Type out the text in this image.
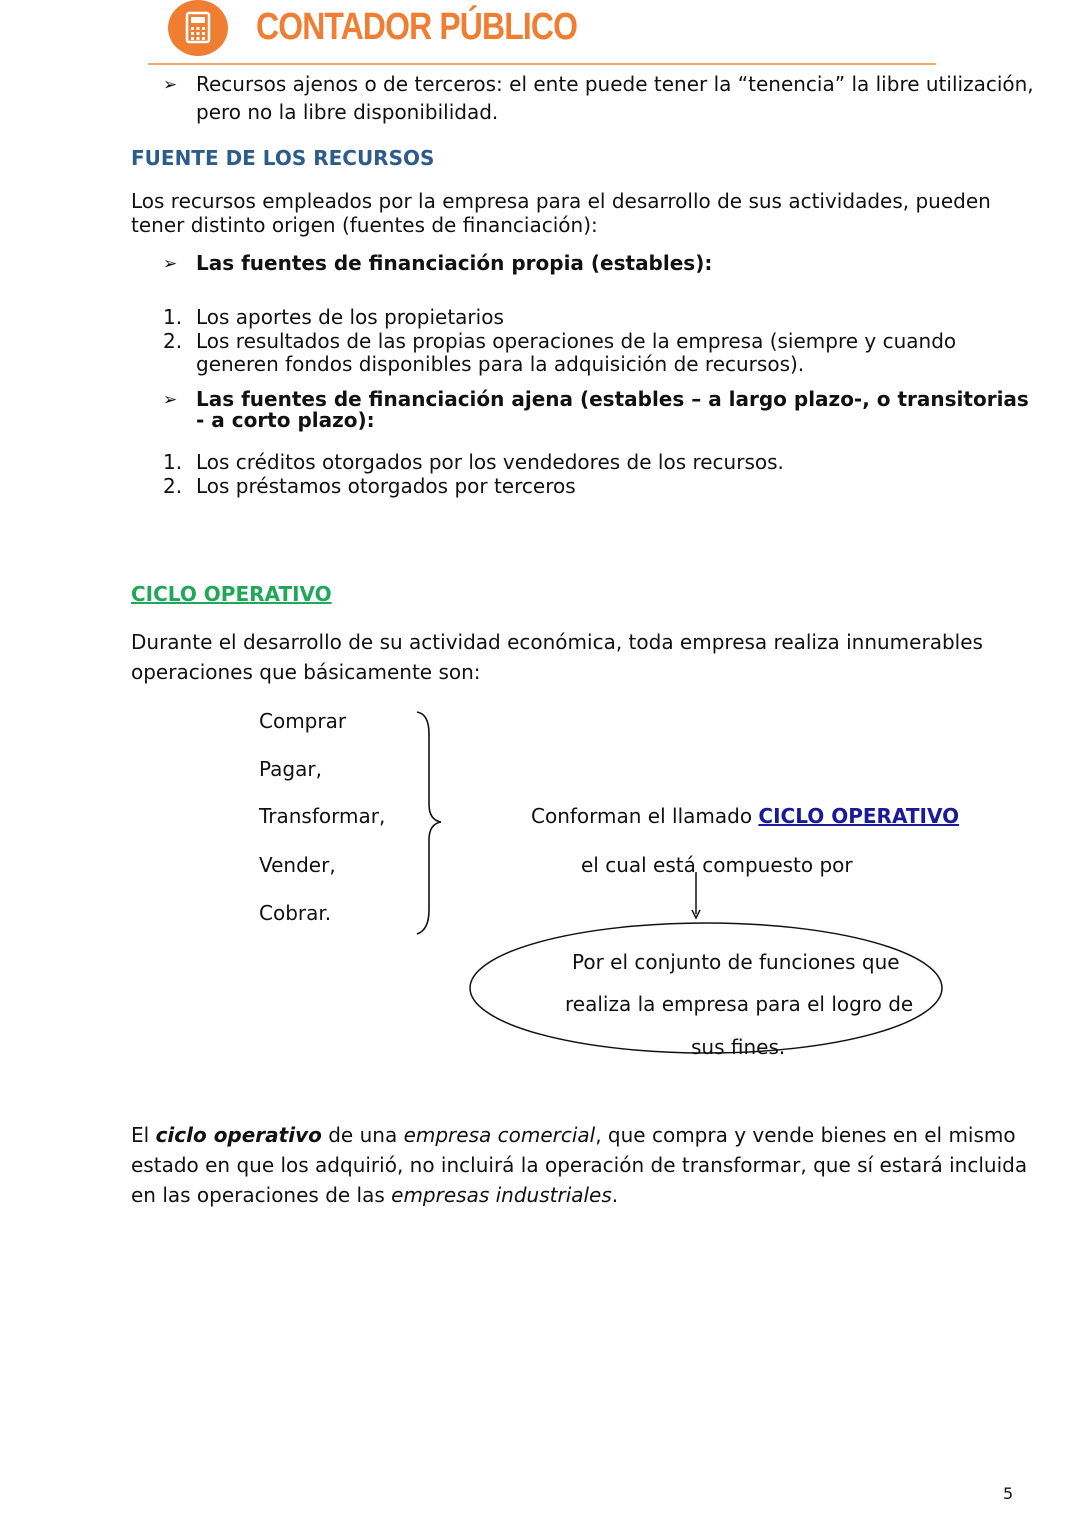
CONTADOR PÚBLICO
➢ Recursos ajenos o de terceros: el ente puede tener la “tenencia” la libre utilización,
pero no la libre disponibilidad.
FUENTE DE LOS RECURSOS
Los recursos empleados por la empresa para el desarrollo de sus actividades, pueden
tener distinto origen (fuentes de financiación):
➢ Las fuentes de financiación propia (estables):
1. Los aportes de los propietarios
2. Los resultados de las propias operaciones de la empresa (siempre y cuando
generen fondos disponibles para la adquisición de recursos).
➢ Las fuentes de financiación ajena (estables – a largo plazo-, o transitorias
- a corto plazo):
1. Los créditos otorgados por los vendedores de los recursos.
2. Los préstamos otorgados por terceros
CICLO OPERATIVO
Durante el desarrollo de su actividad económica, toda empresa realiza innumerables
operaciones que básicamente son:
Comprar
Pagar,
Transformar,
Vender,
Cobrar.
Conforman el llamado CICLO OPERATIVO
el cual está compuesto por
Por el conjunto de funciones que
realiza la empresa para el logro de
sus fines.
El ciclo operativo de una empresa comercial, que compra y vende bienes en el mismo
estado en que los adquirió, no incluirá la operación de transformar, que sí estará incluida
en las operaciones de las empresas industriales.
5
